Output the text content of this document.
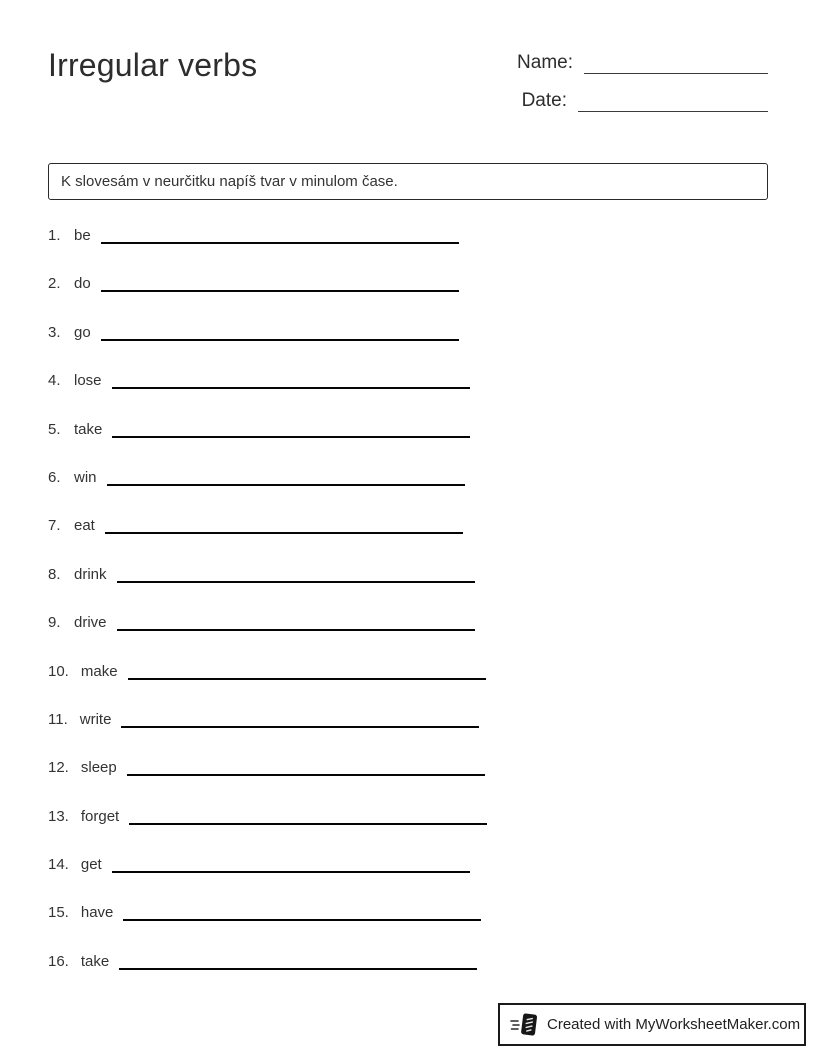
Irregular verbs	Name:
Date:
K slovesám v neurčitku napíš tvar v minulom čase.
1. be
2. do
3. go
4. lose
5. take
6. win
7. eat
8. drink
9. drive
10. make
11. write
12. sleep
13. forget
14. get
15. have
16. take
Created with MyWorksheetMaker.com
